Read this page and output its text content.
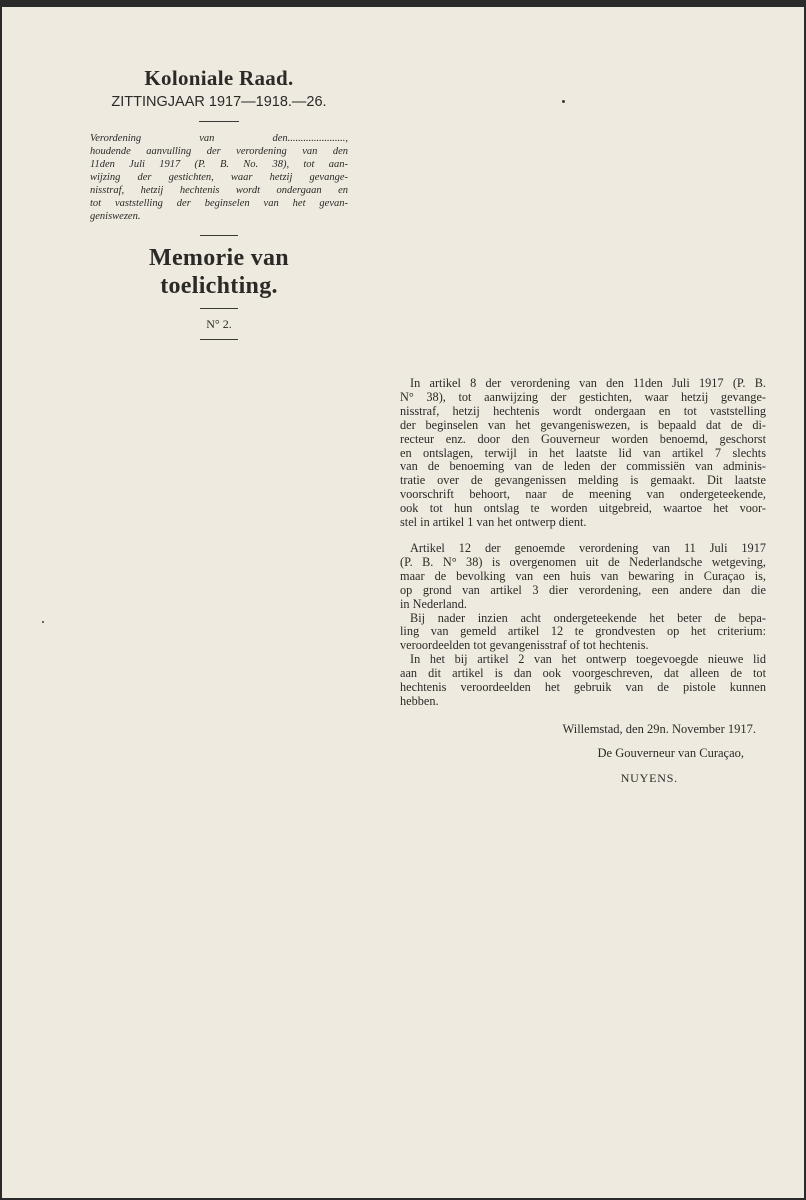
Koloniale Raad.

ZITTINGJAAR 1917—1918.—26.

Verordening van den......................,
houdende aanvulling der verordening van den
11den Juli 1917 (P. B. No. 38), tot aan-
wijzing der gestichten, waar hetzij gevange-
nisstraf, hetzij hechtenis wordt ondergaan en
tot vaststelling der beginselen van het gevan-
geniswezen.

Memorie van toelichting.

N° 2.

In artikel 8 der verordening van den 11den Juli 1917 (P. B.
N° 38), tot aanwijzing der gestichten, waar hetzij gevange-
nisstraf, hetzij hechtenis wordt ondergaan en tot vaststelling
der beginselen van het gevangeniswezen, is bepaald dat de di-
recteur enz. door den Gouverneur worden benoemd, geschorst
en ontslagen, terwijl in het laatste lid van artikel 7 slechts
van de benoeming van de leden der commissiën van adminis-
tratie over de gevangenissen melding is gemaakt. Dit laatste
voorschrift behoort, naar de meening van ondergeteekende,
ook tot hun ontslag te worden uitgebreid, waartoe het voor-
stel in artikel 1 van het ontwerp dient.

Artikel 12 der genoemde verordening van 11 Juli 1917
(P. B. N° 38) is overgenomen uit de Nederlandsche wetgeving,
maar de bevolking van een huis van bewaring in Curaçao is,
op grond van artikel 3 dier verordening, een andere dan die
in Nederland.

Bij nader inzien acht ondergeteekende het beter de bepa-
ling van gemeld artikel 12 te grondvesten op het criterium:
veroordeelden tot gevangenisstraf of tot hechtenis.

In het bij artikel 2 van het ontwerp toegevoegde nieuwe lid
aan dit artikel is dan ook voorgeschreven, dat alleen de tot
hechtenis veroordeelden het gebruik van de pistole kunnen
hebben.

Willemstad, den 29n. November 1917.

De Gouverneur van Curaçao,

NUYENS.
